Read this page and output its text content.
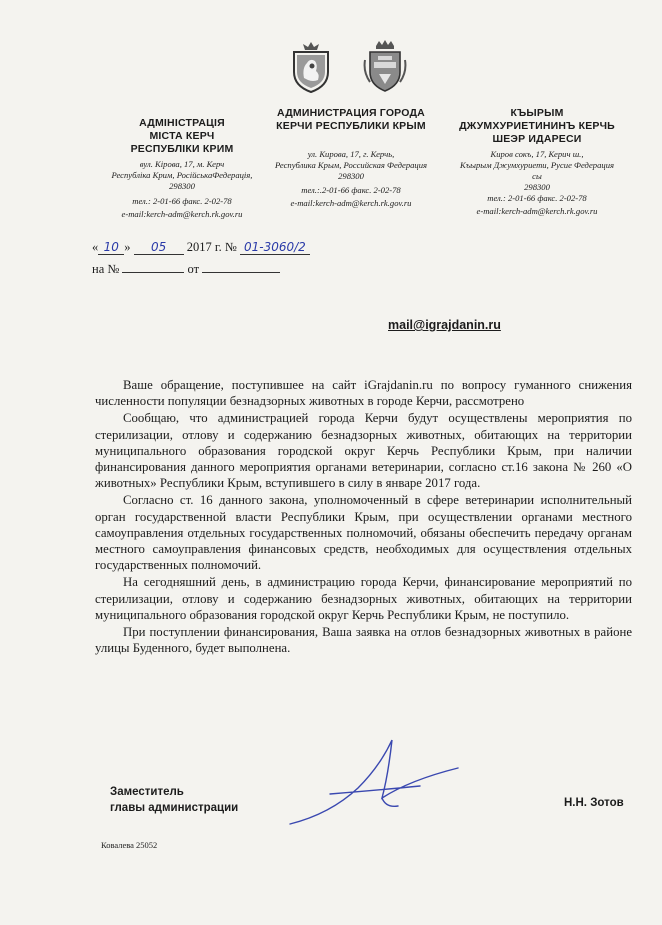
АДМІНІСТРАЦІЯ
МІСТА КЕРЧ
РЕСПУБЛІКИ КРИМ
вул. Кірова, 17, м. Керч
Республіка Крим, РосійськаФедерація,
298300
тел.: 2-01-66 факс. 2-02-78
e-mail:kerch-adm@kerch.rk.gov.ru
АДМИНИСТРАЦИЯ ГОРОДА
КЕРЧИ РЕСПУБЛИКИ КРЫМ
ул. Кирова, 17, г. Керчь,
Республика Крым, Российская Федерация
298300
тел.:.2-01-66 факс. 2-02-78
e-mail:kerch-adm@kerch.rk.gov.ru
КЪЫРЫМ
ДЖУМХУРИЕТИНИНЪ КЕРЧЬ
ШЕЭР ИДАРЕСИ
Киров сокъ, 17, Керич ш.,
Къырым Джумхуриети, Русие Федерация
сы
298300
тел.: 2-01-66 факс. 2-02-78
e-mail:kerch-adm@kerch.rk.gov.ru
« 10 » 05 2017 г. № 01-3060/2
на №	от
mail@igrajdanin.ru

Ваше обращение, поступившее на сайт iGrajdanin.ru по вопросу гуманного снижения численности популяции безнадзорных животных в городе Керчи, рассмотрено

Сообщаю, что администрацией города Керчи будут осуществлены мероприятия по стерилизации, отлову и содержанию безнадзорных животных, обитающих на территории муниципального образования городской округ Керчь Республики Крым, при наличии финансирования данного мероприятия органами ветеринарии, согласно ст.16 закона № 260 «О животных» Республики Крым, вступившего в силу в январе 2017 года.

Согласно ст. 16 данного закона, уполномоченный в сфере ветеринарии исполнительный орган государственной власти Республики Крым, при осуществлении органами местного самоуправления отдельных государственных полномочий, обязаны обеспечить передачу органам местного самоуправления финансовых средств, необходимых для осуществления отдельных государственных полномочий.

На сегодняшний день, в администрацию города Керчи, финансирование мероприятий по стерилизации, отлову и содержанию безнадзорных животных, обитающих на территории муниципального образования городской округ Керчь Республики Крым, не поступило.

При поступлении финансирования, Ваша заявка на отлов безнадзорных животных в районе улицы Буденного, будет выполнена.

Заместитель
главы администрации	Н.Н. Зотов
Ковалева 25052
